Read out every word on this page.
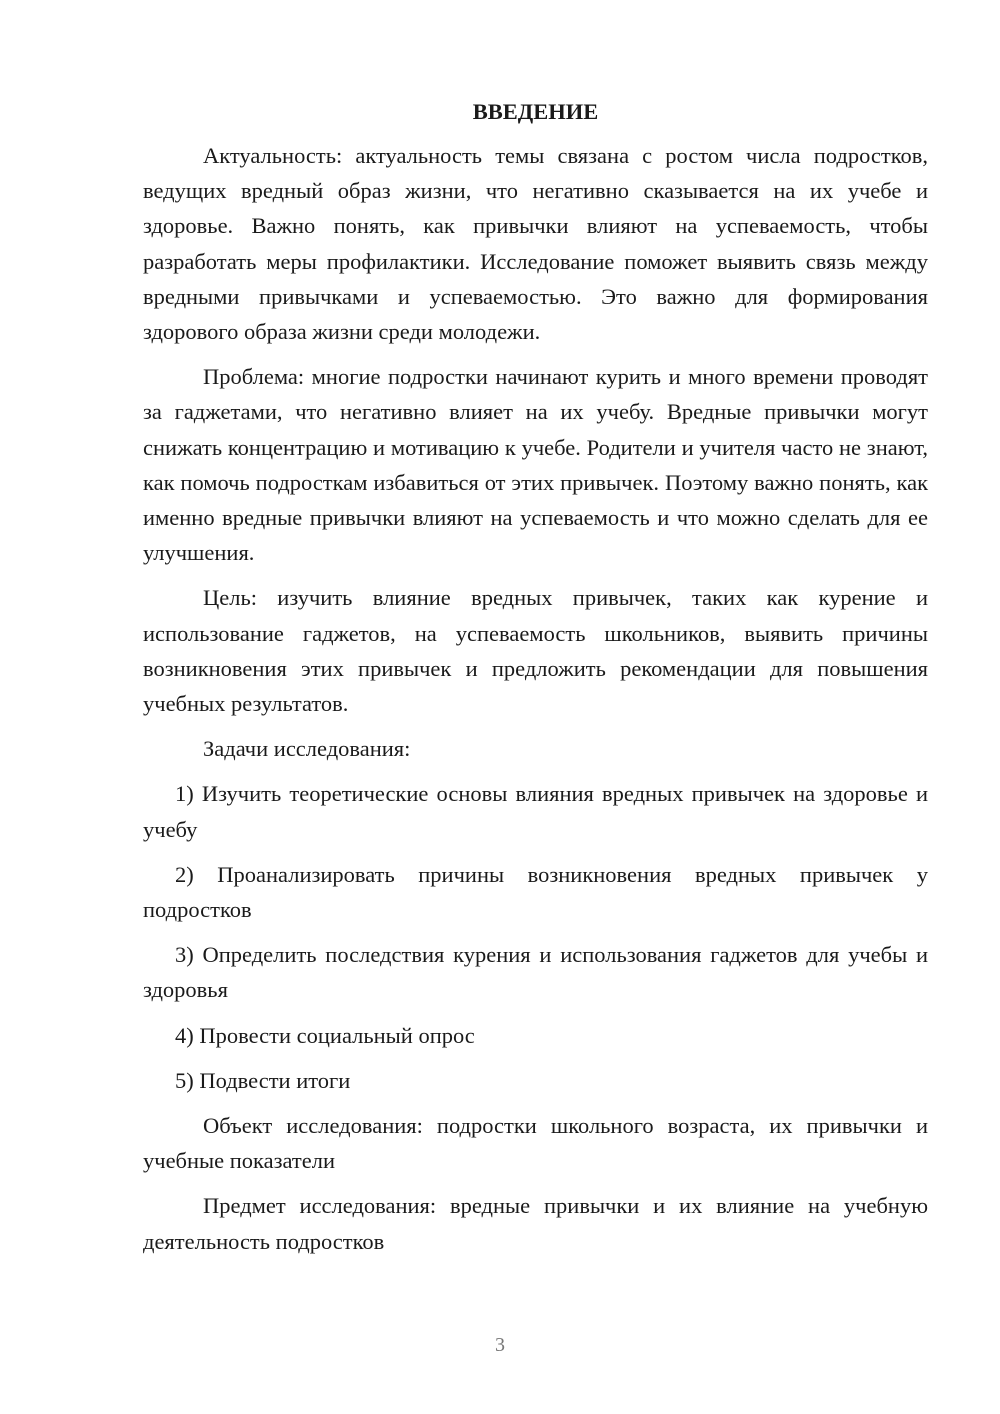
ВВЕДЕНИЕ

Актуальность: актуальность темы связана с ростом числа подростков, ведущих вредный образ жизни, что негативно сказывается на их учебе и здоровье. Важно понять, как привычки влияют на успеваемость, чтобы разработать меры профилактики. Исследование поможет выявить связь между вредными привычками и успеваемостью. Это важно для формирования здорового образа жизни среди молодежи.

Проблема: многие подростки начинают курить и много времени проводят за гаджетами, что негативно влияет на их учебу. Вредные привычки могут снижать концентрацию и мотивацию к учебе. Родители и учителя часто не знают, как помочь подросткам избавиться от этих привычек. Поэтому важно понять, как именно вредные привычки влияют на успеваемость и что можно сделать для ее улучшения.

Цель: изучить влияние вредных привычек, таких как курение и использование гаджетов, на успеваемость школьников, выявить причины возникновения этих привычек и предложить рекомендации для повышения учебных результатов.

Задачи исследования:

1) Изучить теоретические основы влияния вредных привычек на здоровье и учебу

2) Проанализировать причины возникновения вредных привычек у подростков

3) Определить последствия курения и использования гаджетов для учебы и здоровья

4) Провести социальный опрос

5) Подвести итоги

Объект исследования: подростки школьного возраста, их привычки и учебные показатели

Предмет исследования: вредные привычки и их влияние на учебную деятельность подростков

3
